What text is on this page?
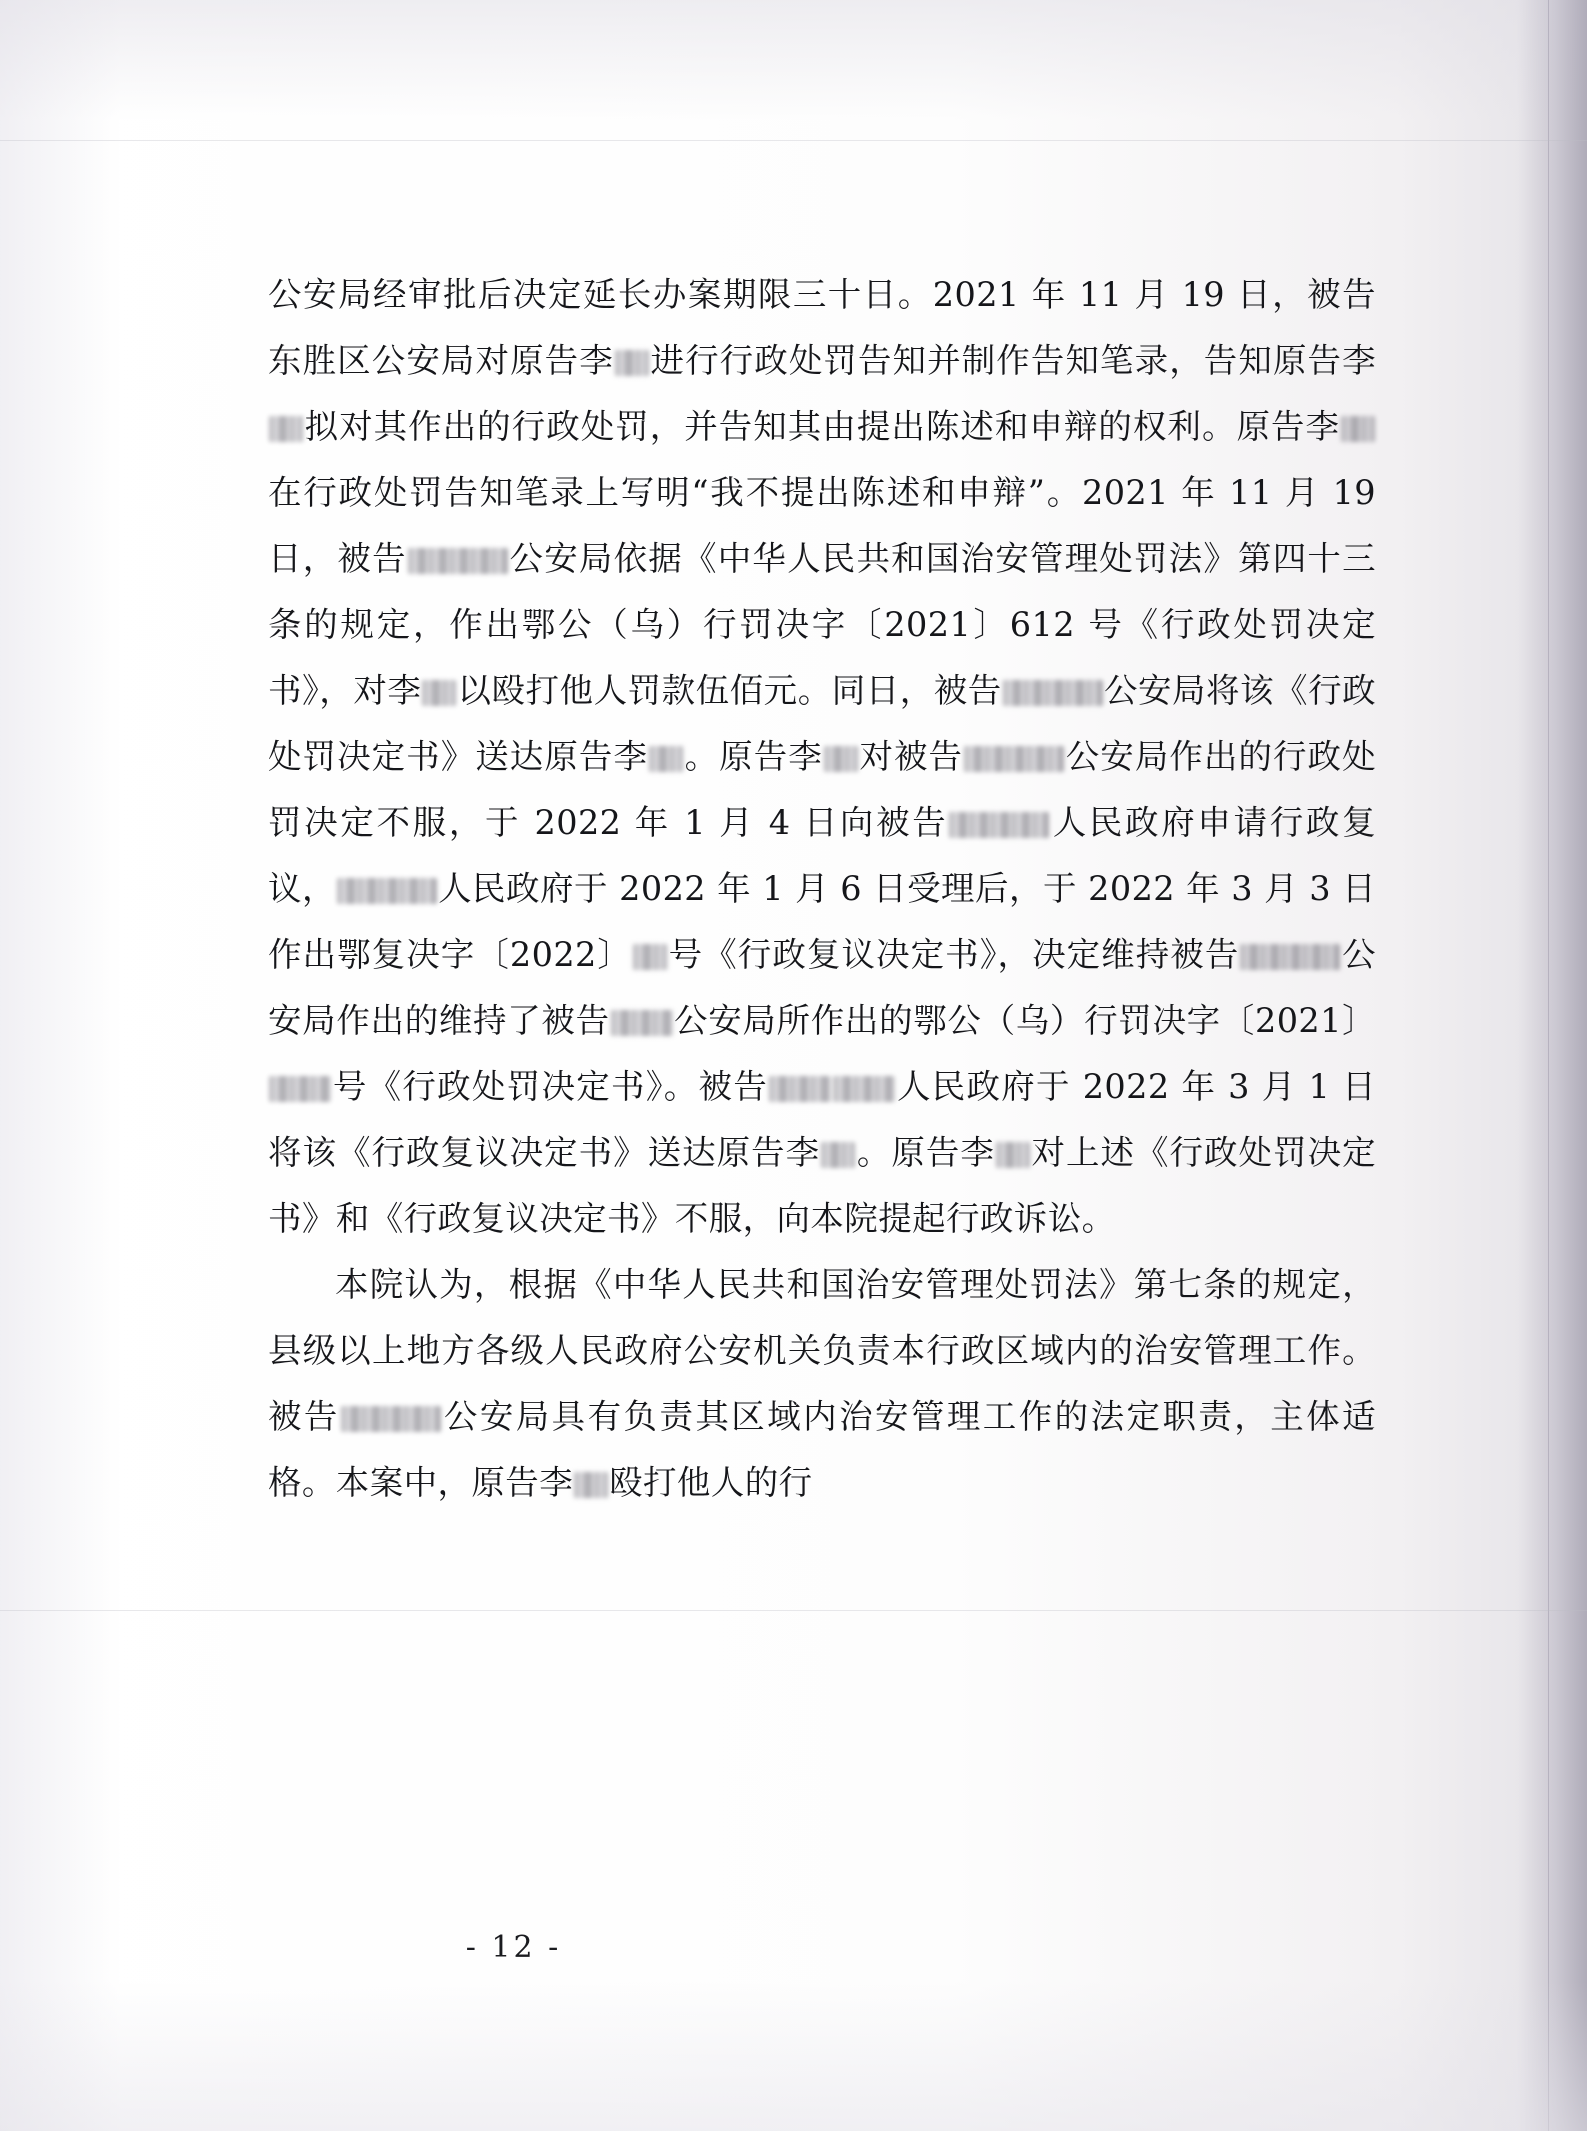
公安局经审批后决定延长办案期限三十日。2021 年 11 月 19 日，被告东胜区公安局对原告李 进行行政处罚告知并制作告知笔录，告知原告李拟对其作出的行政处罚，并告知其由提出陈述和申辩的权利。原告李在行政处罚告知笔录上写明“我不提出陈述和申辩”。2021 年 11 月 19 日，被告	公安局依据《中华人民共和国治安管理处罚法》第四十三条的规定，作出鄂公（乌）行罚决字〔2021〕612 号《行政处罚决定书》，对李 以殴打他人罚款伍佰元。同日，被告	公安局将该《行政处罚决定书》送达原告李 。原告李 对被告	公安局作出的行政处罚决定不服，于 2022 年 1 月 4 日向被告	人民政府申请行政复议，	人民政府于 2022 年 1 月 6 日受理后，于 2022 年 3 月 3 日作出鄂复决字〔2022〕 号《行政复议决定书》，决定维持被告	公安局作出的维持了被告 公安局所作出的鄂公（乌）行罚决字〔2021〕号《行政处罚决定书》。被告	人民政府于 2022 年 3 月 1 日将该《行政复议决定书》送达原告李 。原告李 对上述《行政处罚决定书》和《行政复议决定书》不服，向本院提起行政诉讼。

本院认为，根据《中华人民共和国治安管理处罚法》第七条的规定，县级以上地方各级人民政府公安机关负责本行政区域内的治安管理工作。被告	公安局具有负责其区域内治安管理工作的法定职责，主体适格。本案中，原告李 殴打他人的行

- 12 -
